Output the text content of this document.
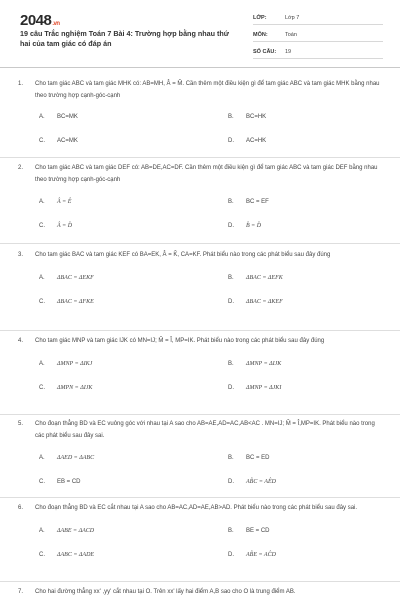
2048.vn
19 câu Trắc nghiệm Toán 7 Bài 4: Trường hợp bằng nhau thứ hai của tam giác có đáp án
LỚP:	Lớp 7
MÔN:	Toán
SỐ CÂU:	19
1.	Cho tam giác ABC và tam giác MHK có: AB=MH, Â = M̂. Cần thêm một điều kiện gì để tam giác ABC và tam giác MHK bằng nhau theo trường hợp cạnh-góc-cạnh
A.	BC=MK	B.	BC=HK
C.	AC=MK	D.	AC=HK
2.	Cho tam giác ABC và tam giác DEF có: AB=DE,AC=DF. Cần thêm một điều kiện gì để tam giác ABC và tam giác DEF bằng nhau theo trường hợp cạnh-góc-cạnh
A.	Â = Ê	B.	BC = EF
C.	Â = D̂	D.	B̂ = D̂
3.	Cho tam giác BAC và tam giác KEF có BA=EK, Â = K̂, CA=KF. Phát biểu nào trong các phát biểu sau đây đúng
A.	ΔBAC = ΔEKF	B.	ΔBAC = ΔEFK
C.	ΔBAC = ΔFKE	D.	ΔBAC = ΔKEF
4.	Cho tam giác MNP và tam giác IJK có MN=IJ; M̂ = Î, MP=IK. Phát biểu nào trong các phát biểu sau đây đúng
A.	ΔMNP = ΔIKJ	B.	ΔMNP = ΔIJK
C.	ΔMPN = ΔIJK	D.	ΔMNP = ΔJKI
5.	Cho đoạn thẳng BD và EC vuông góc với nhau tại A sao cho AB=AE,AD=AC,AB<AC . MN=IJ; M̂ = Î,MP=IK. Phát biểu nào trong các phát biểu sau đây sai.
A.	ΔAED = ΔABC	B.	BC = ED
C.	EB = CD	D.	AB̂C = AÊD
6.	Cho đoạn thẳng BD và EC cắt nhau tại A sao cho AB=AC,AD=AE,AB>AD. Phát biểu nào trong các phát biểu sau đây sai.
A.	ΔABE = ΔACD	B.	BE = CD
C.	ΔABC = ΔADE	D.	AB̂E = AĈD
7.	Cho hai đường thẳng xx' ,yy' cắt nhau tại O. Trên xx' lấy hai điểm A,B sao cho O là trung điểm AB.
